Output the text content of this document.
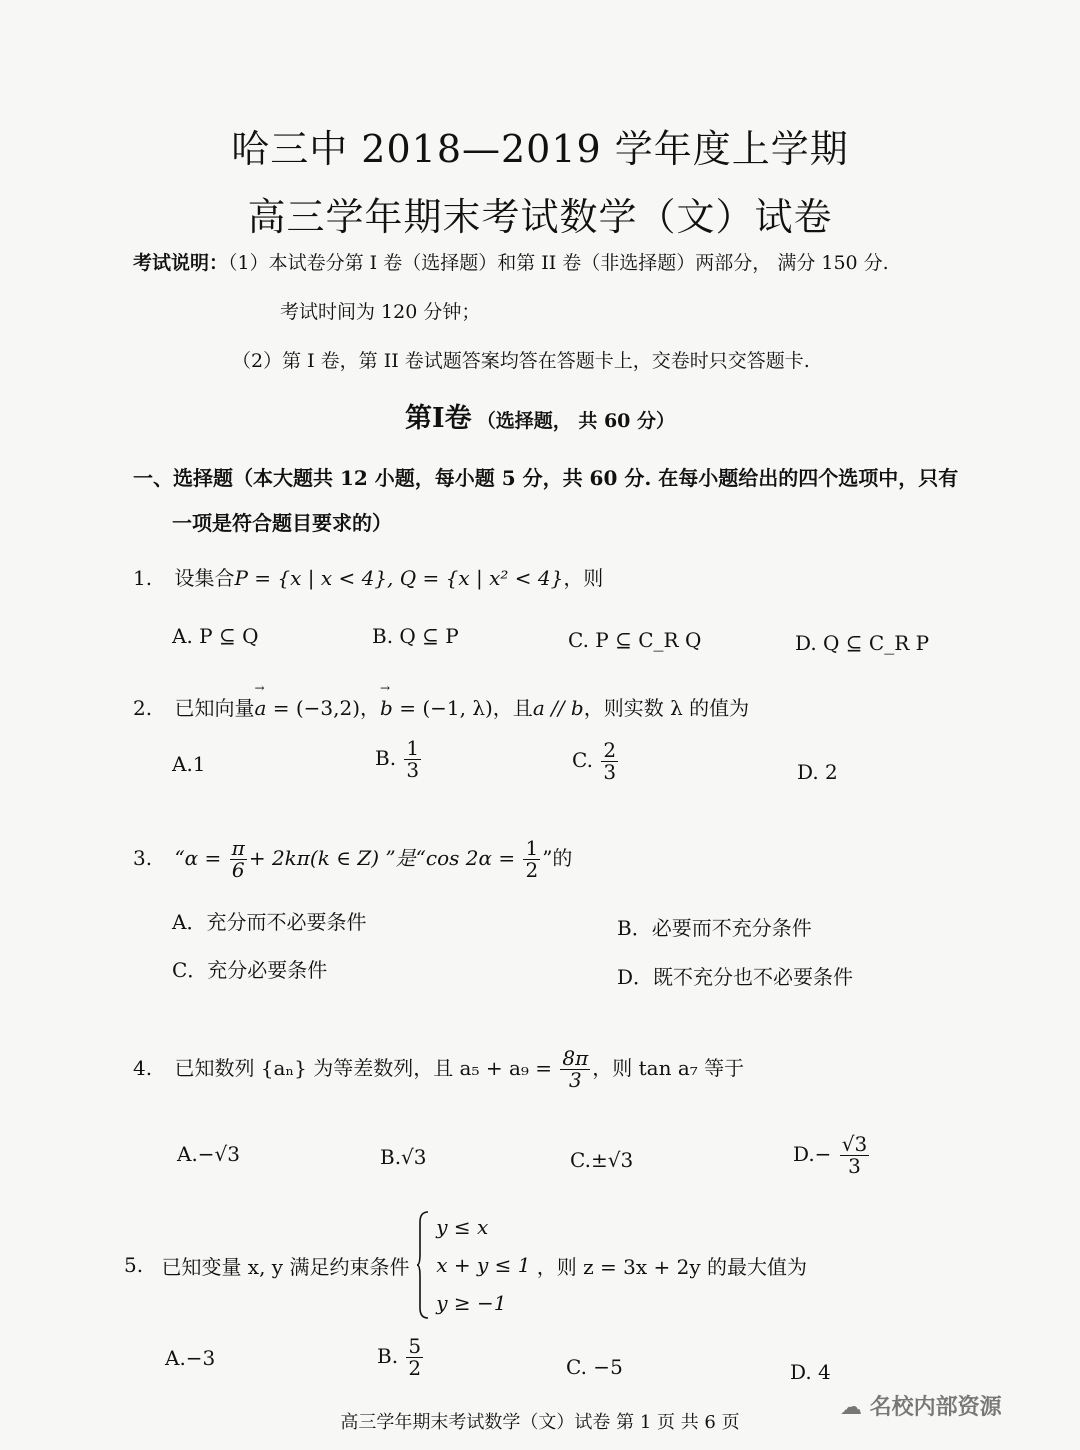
哈三中 2018—2019 学年度上学期
高三学年期末考试数学（文）试卷
考试说明：（1）本试卷分第 I 卷（选择题）和第 II 卷（非选择题）两部分， 满分 150 分.
考试时间为 120 分钟；
（2）第 I 卷，第 II 卷试题答案均答在答题卡上，交卷时只交答题卡.
第Ⅰ卷 （选择题， 共 60 分）
一、选择题（本大题共 12 小题，每小题 5 分，共 60 分. 在每小题给出的四个选项中，只有
一项是符合题目要求的）
1. 设集合P = {x | x < 4}, Q = {x | x² < 4}，则
A. P ⊆ Q	B. Q ⊆ P	C. P ⊆ C_R Q	D. Q ⊆ C_R P
2. 已知向量→ a = (−3,2)，→ b = (−1, λ)，且a // b，则实数 λ 的值为
A.1	B. $\frac{1}{3}$	C. $\frac{2}{3}$	D. 2
3. “$\alpha = \frac{\pi}{6} + 2k\pi(k$ ∈ Z) ”是“cos $2\alpha = \frac{1}{2}$ ”的
A．充分而不必要条件	B．必要而不充分条件
C．充分必要条件	D．既不充分也不必要条件
4. 已知数列 {aₙ} 为等差数列，且 $a_5 + a_9 = \frac{8\pi}{3}$ ，则 tan a₇ 等于
A.−√3	B.√3	C.±√3	$D.- \frac{√3}{3}$
5. 已知变量 x, y 满足约束条件
y ≤ x
x + y ≤ 1
y ≥ −1
，则 z = 3x + 2y 的最大值为
A.−3	B. $\frac{5}{2}$	C. −5	D. 4
☁ 名校内部资源
高三学年期末考试数学（文）试卷 第 1 页 共 6 页
